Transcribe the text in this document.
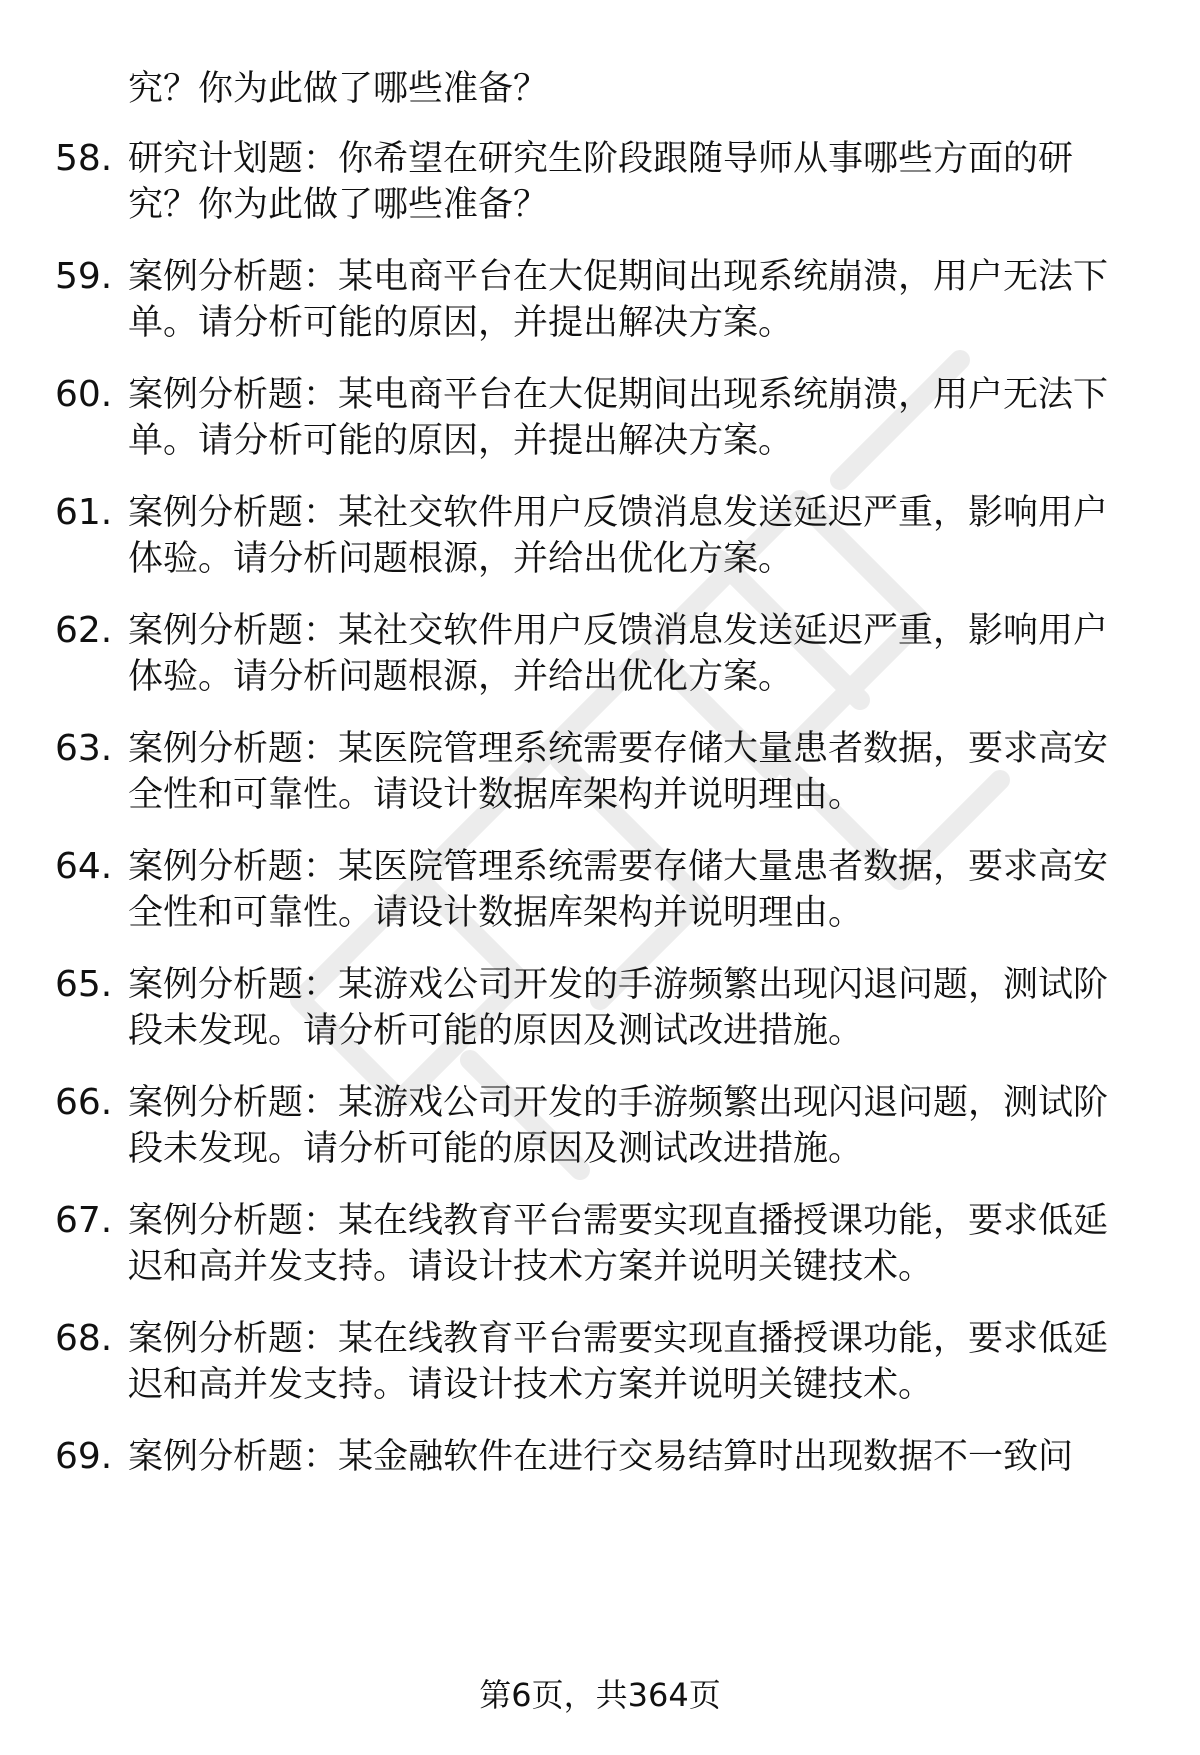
究？你为此做了哪些准备？
58. 研究计划题：你希望在研究生阶段跟随导师从事哪些方面的研
究？你为此做了哪些准备？
59. 案例分析题：某电商平台在大促期间出现系统崩溃，用户无法下
单。请分析可能的原因，并提出解决方案。
60. 案例分析题：某电商平台在大促期间出现系统崩溃，用户无法下
单。请分析可能的原因，并提出解决方案。
61. 案例分析题：某社交软件用户反馈消息发送延迟严重，影响用户
体验。请分析问题根源，并给出优化方案。
62. 案例分析题：某社交软件用户反馈消息发送延迟严重，影响用户
体验。请分析问题根源，并给出优化方案。
63. 案例分析题：某医院管理系统需要存储大量患者数据，要求高安
全性和可靠性。请设计数据库架构并说明理由。
64. 案例分析题：某医院管理系统需要存储大量患者数据，要求高安
全性和可靠性。请设计数据库架构并说明理由。
65. 案例分析题：某游戏公司开发的手游频繁出现闪退问题，测试阶
段未发现。请分析可能的原因及测试改进措施。
66. 案例分析题：某游戏公司开发的手游频繁出现闪退问题，测试阶
段未发现。请分析可能的原因及测试改进措施。
67. 案例分析题：某在线教育平台需要实现直播授课功能，要求低延
迟和高并发支持。请设计技术方案并说明关键技术。
68. 案例分析题：某在线教育平台需要实现直播授课功能，要求低延
迟和高并发支持。请设计技术方案并说明关键技术。
69. 案例分析题：某金融软件在进行交易结算时出现数据不一致问
第6页，共364页
